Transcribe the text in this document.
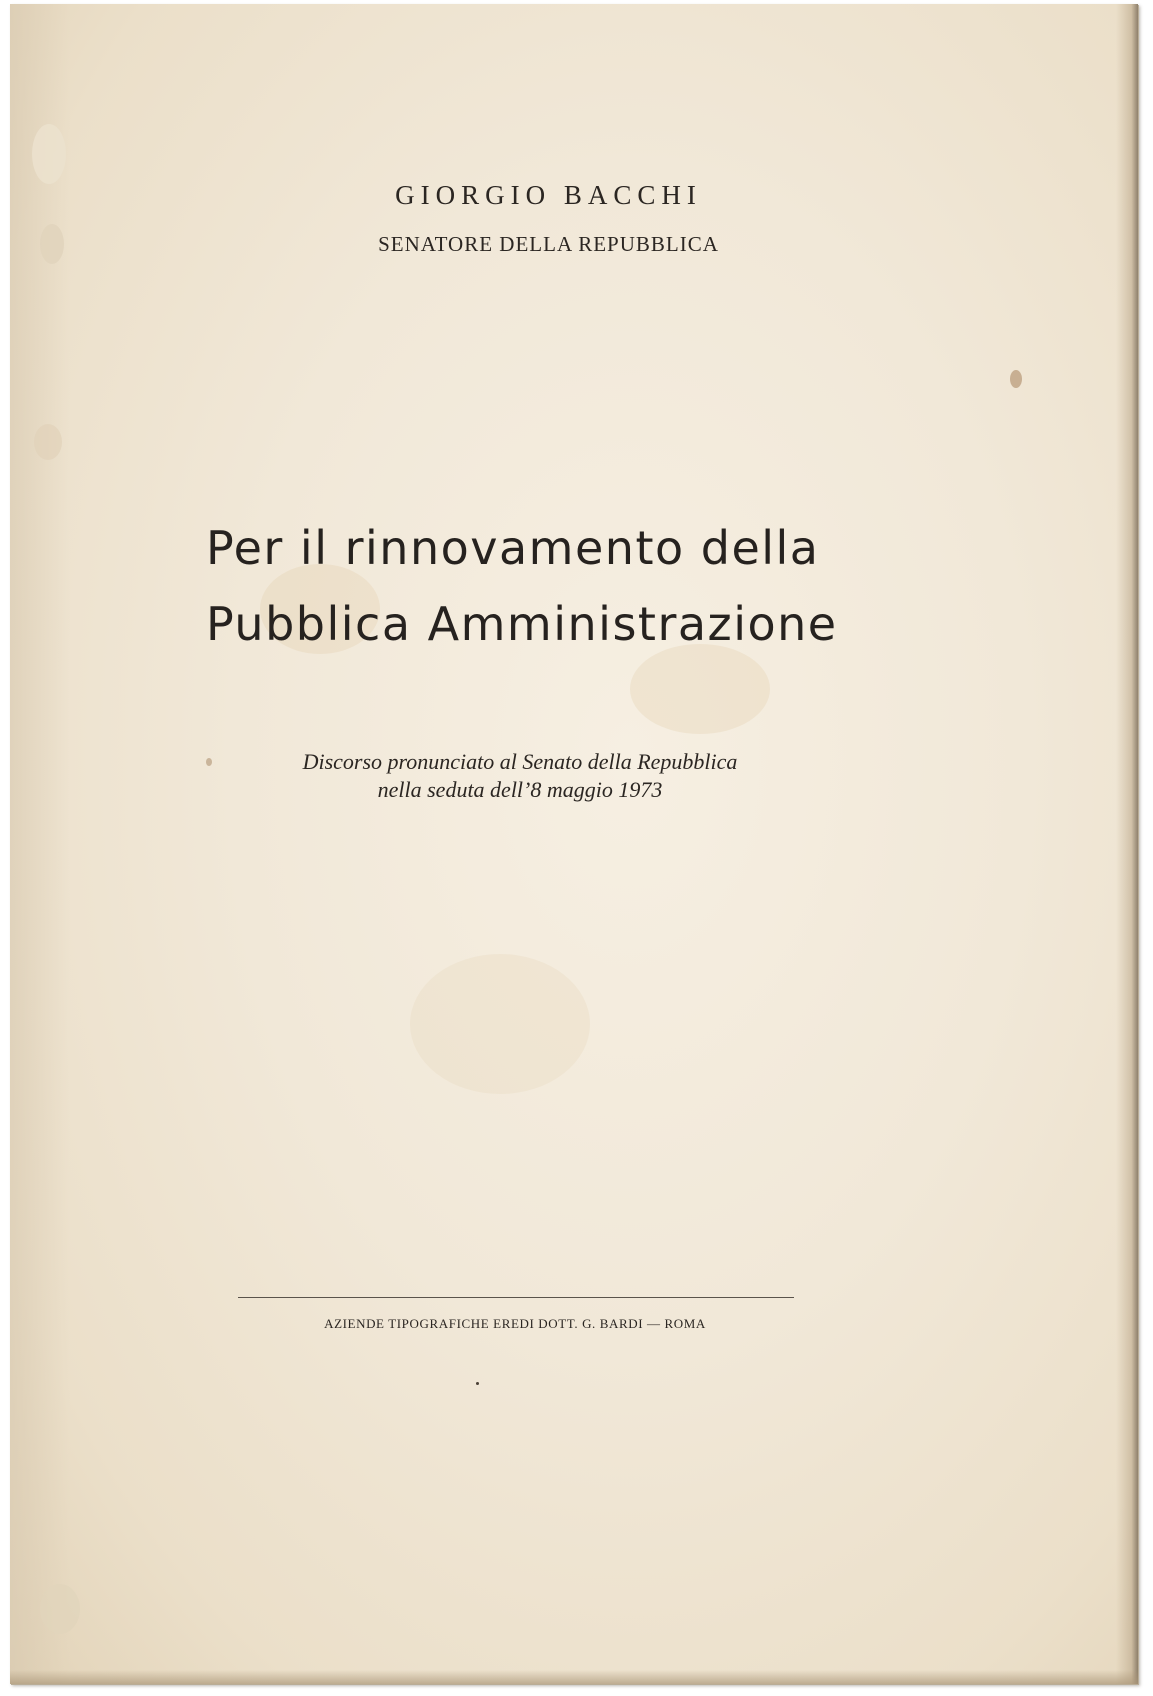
GIORGIO BACCHI
SENATORE DELLA REPUBBLICA
Per il rinnovamento della
Pubblica Amministrazione
Discorso pronunciato al Senato della Repubblica
nella seduta dell’8 maggio 1973
AZIENDE TIPOGRAFICHE EREDI DOTT. G. BARDI — ROMA
